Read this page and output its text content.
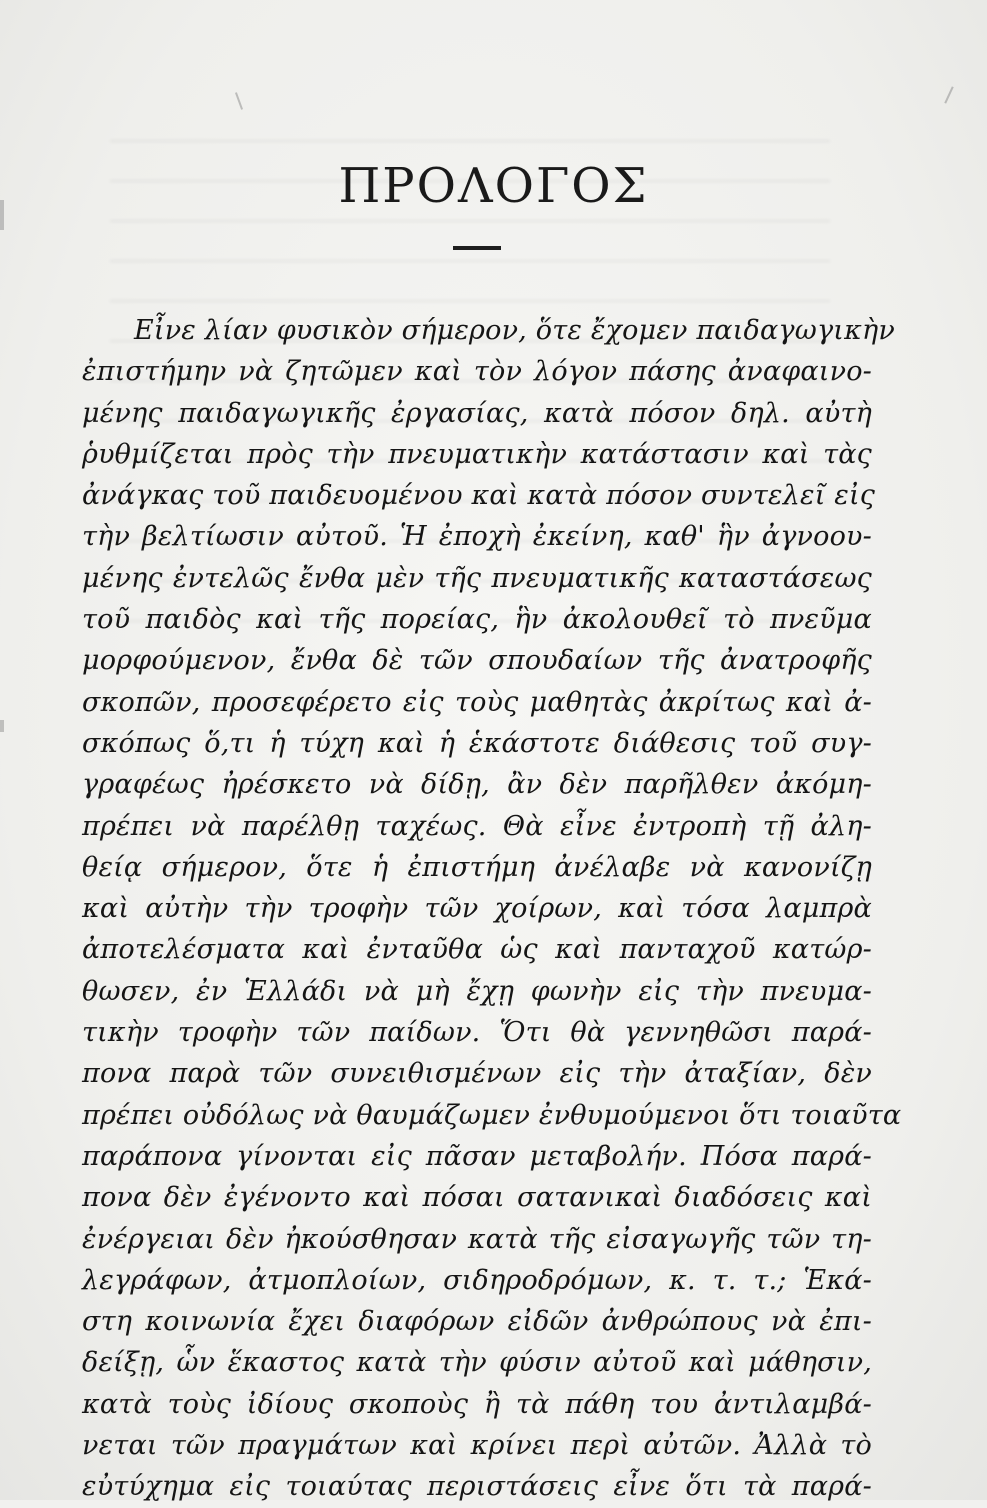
ΠΡΟΛΟΓΟΣ
Εἶνε λίαν φυσικὸν σήμερον, ὅτε ἔχομεν παιδαγωγικὴν
ἐπιστήμην νὰ ζητῶμεν καὶ τὸν λόγον πάσης ἀναφαινο-
μένης παιδαγωγικῆς ἐργασίας, κατὰ πόσον δηλ. αὐτὴ
ῥυθμίζεται πρὸς τὴν πνευματικὴν κατάστασιν καὶ τὰς
ἀνάγκας τοῦ παιδευομένου καὶ κατὰ πόσον συντελεῖ εἰς
τὴν βελτίωσιν αὐτοῦ. Ἡ ἐποχὴ ἐκείνη, καθ' ἣν ἀγνοου-
μένης ἐντελῶς ἔνθα μὲν τῆς πνευματικῆς καταστάσεως
τοῦ παιδὸς καὶ τῆς πορείας, ἣν ἀκολουθεῖ τὸ πνεῦμα
μορφούμενον, ἔνθα δὲ τῶν σπουδαίων τῆς ἀνατροφῆς
σκοπῶν, προσεφέρετο εἰς τοὺς μαθητὰς ἀκρίτως καὶ ἀ-
σκόπως ὅ,τι ἡ τύχη καὶ ἡ ἑκάστοτε διάθεσις τοῦ συγ-
γραφέως ἠρέσκετο νὰ δίδῃ, ἂν δὲν παρῆλθεν ἀκόμη-
πρέπει νὰ παρέλθῃ ταχέως. Θὰ εἶνε ἐντροπὴ τῇ ἀλη-
θείᾳ σήμερον, ὅτε ἡ ἐπιστήμη ἀνέλαβε νὰ κανονίζῃ
καὶ αὐτὴν τὴν τροφὴν τῶν χοίρων, καὶ τόσα λαμπρὰ
ἀποτελέσματα καὶ ἐνταῦθα ὡς καὶ πανταχοῦ κατώρ-
θωσεν, ἐν Ἑλλάδι νὰ μὴ ἔχῃ φωνὴν εἰς τὴν πνευμα-
τικὴν τροφὴν τῶν παίδων. Ὅτι θὰ γεννηθῶσι παρά-
πονα παρὰ τῶν συνειθισμένων εἰς τὴν ἀταξίαν, δὲν
πρέπει οὐδόλως νὰ θαυμάζωμεν ἐνθυμούμενοι ὅτι τοιαῦτα
παράπονα γίνονται εἰς πᾶσαν μεταβολήν. Πόσα παρά-
πονα δὲν ἐγένοντο καὶ πόσαι σατανικαὶ διαδόσεις καὶ
ἐνέργειαι δὲν ἠκούσθησαν κατὰ τῆς εἰσαγωγῆς τῶν τη-
λεγράφων, ἀτμοπλοίων, σιδηροδρόμων, κ. τ. τ.; Ἑκά-
στη κοινωνία ἔχει διαφόρων εἰδῶν ἀνθρώπους νὰ ἐπι-
δείξῃ, ὧν ἕκαστος κατὰ τὴν φύσιν αὐτοῦ καὶ μάθησιν,
κατὰ τοὺς ἰδίους σκοποὺς ἢ τὰ πάθη του ἀντιλαμβά-
νεται τῶν πραγμάτων καὶ κρίνει περὶ αὐτῶν. Ἀλλὰ τὸ
εὐτύχημα εἰς τοιαύτας περιστάσεις εἶνε ὅτι τὰ παρά-
